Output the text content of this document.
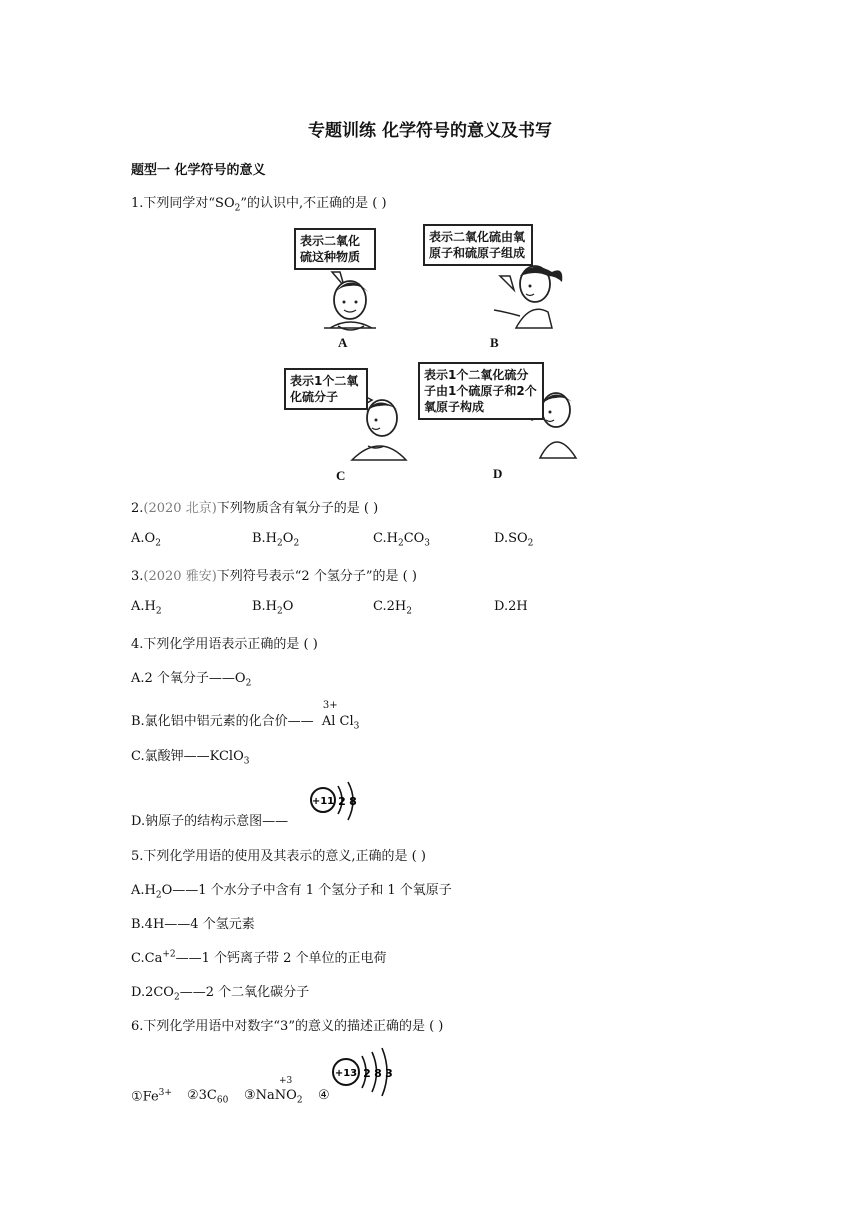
专题训练 化学符号的意义及书写
题型一 化学符号的意义
1.下列同学对“$SO_2$”的认识中,不正确的是 ( )
表示二氧化硫这种物质
表示二氧化硫由氧原子和硫原子组成
表示1个二氧化硫分子
表示1个二氧化硫分子由1个硫原子和2个氧原子构成
A	B
C	D
2.(2020 北京)下列物质含有氧分子的是 ( )
$A.O_2$	$B.H_2O_2$	$C.H_2CO_3$	$D.SO_2$
3.(2020 雅安)下列符号表示“2 个氢分子”的是 ( )
$A.H_2$	$B.H_2O$	$C.2H_2$	D.2H
4.下列化学用语表示正确的是 ( )
A.2 个氧分子$——O_2$
B.氯化铝中铝元素的化合价——
3+
Al $Cl_3$
C.氯酸钾——KClO$_3$
D.钠原子的结构示意图——
+11 2 8
5.下列化学用语的使用及其表示的意义,正确的是 ( )
$A.H_2O——1$ 个水分子中含有 1 个氢分子和 1 个氧原子
B.4H——4 个氢元素
$C.Ca^{+2}——1$ 个钙离子带 2 个单位的正电荷
$D.2CO_2——2$ 个二氧化碳分子
6.下列化学用语中对数字“3”的意义的描述正确的是 ( )
$①Fe^{3+}$ $②3C_{60}$
+3
③NaNO$_2$ ④
+13 2 8 3
